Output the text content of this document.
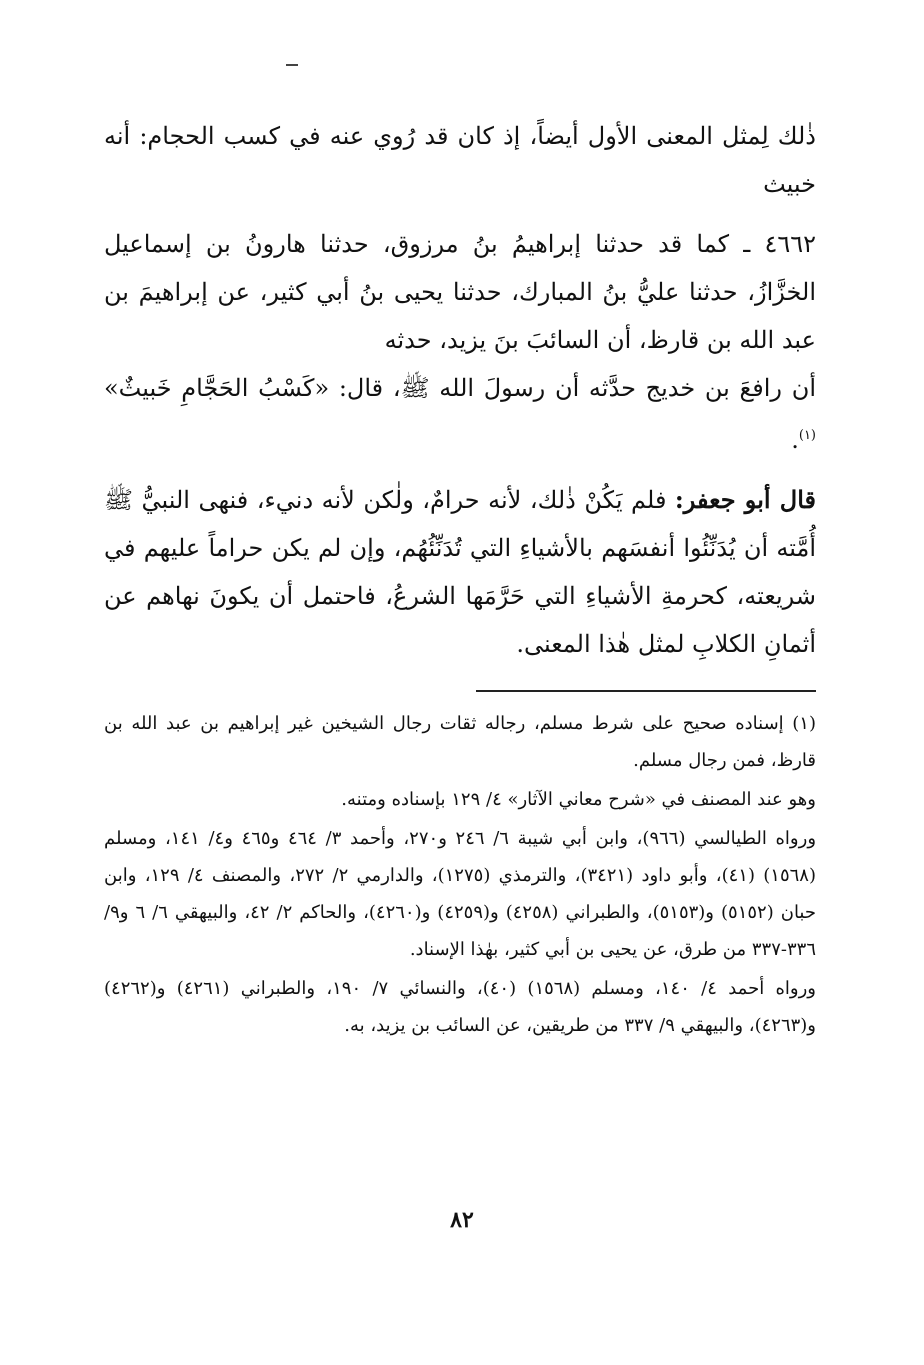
ذٰلك لِمثل المعنى الأول أيضاً، إذ كان قد رُوي عنه في كسب الحجام: أنه خبيث

٤٦٦٢ ـ كما قد حدثنا إبراهيمُ بنُ مرزوق، حدثنا هارونُ بن إسماعيل الخزَّازُ، حدثنا عليُّ بنُ المبارك، حدثنا يحيى بنُ أبي كثير، عن إبراهيمَ بن عبد الله بن قارظ، أن السائبَ بنَ يزيد، حدثه

أن رافعَ بن خديج حدَّثه أن رسولَ الله ﷺ، قال: «كَسْبُ الحَجَّامِ خَبيثٌ» $^{(١)}$.

قال أبو جعفر: فلم يَكُنْ ذٰلك، لأنه حرامٌ، ولٰكن لأنه دنيء، فنهى النبيُّ ﷺ أُمَّته أن يُدَنِّئُوا أنفسَهم بالأشياءِ التي تُدَنِّئُهُم، وإن لم يكن حراماً عليهم في شريعته، كحرمةِ الأشياءِ التي حَرَّمَها الشرعُ، فاحتمل أن يكونَ نهاهم عن أثمانِ الكلابِ لمثل هٰذا المعنى.

(١) إسناده صحيح على شرط مسلم، رجاله ثقات رجال الشيخين غير إبراهيم بن عبد الله بن قارظ، فمن رجال مسلم.

وهو عند المصنف في «شرح معاني الآثار» ٤/ ١٢٩ بإسناده ومتنه.

ورواه الطيالسي (٩٦٦)، وابن أبي شيبة ٦/ ٢٤٦ و٢٧٠، وأحمد ٣/ ٤٦٤ و٤٦٥ و٤/ ١٤١، ومسلم (١٥٦٨) (٤١)، وأبو داود (٣٤٢١)، والترمذي (١٢٧٥)، والدارمي ٢/ ٢٧٢، والمصنف ٤/ ١٢٩، وابن حبان (٥١٥٢) و(٥١٥٣)، والطبراني (٤٢٥٨) و(٤٢٥٩) و(٤٢٦٠)، والحاكم ٢/ ٤٢، والبيهقي ٦/ ٦ و٩/ ٣٣٦-٣٣٧ من طرق، عن يحيى بن أبي كثير، بهٰذا الإسناد.

ورواه أحمد ٤/ ١٤٠، ومسلم (١٥٦٨) (٤٠)، والنسائي ٧/ ١٩٠، والطبراني (٤٢٦١) و(٤٢٦٢) و(٤٢٦٣)، والبيهقي ٩/ ٣٣٧ من طريقين، عن السائب بن يزيد، به.

٨٢
